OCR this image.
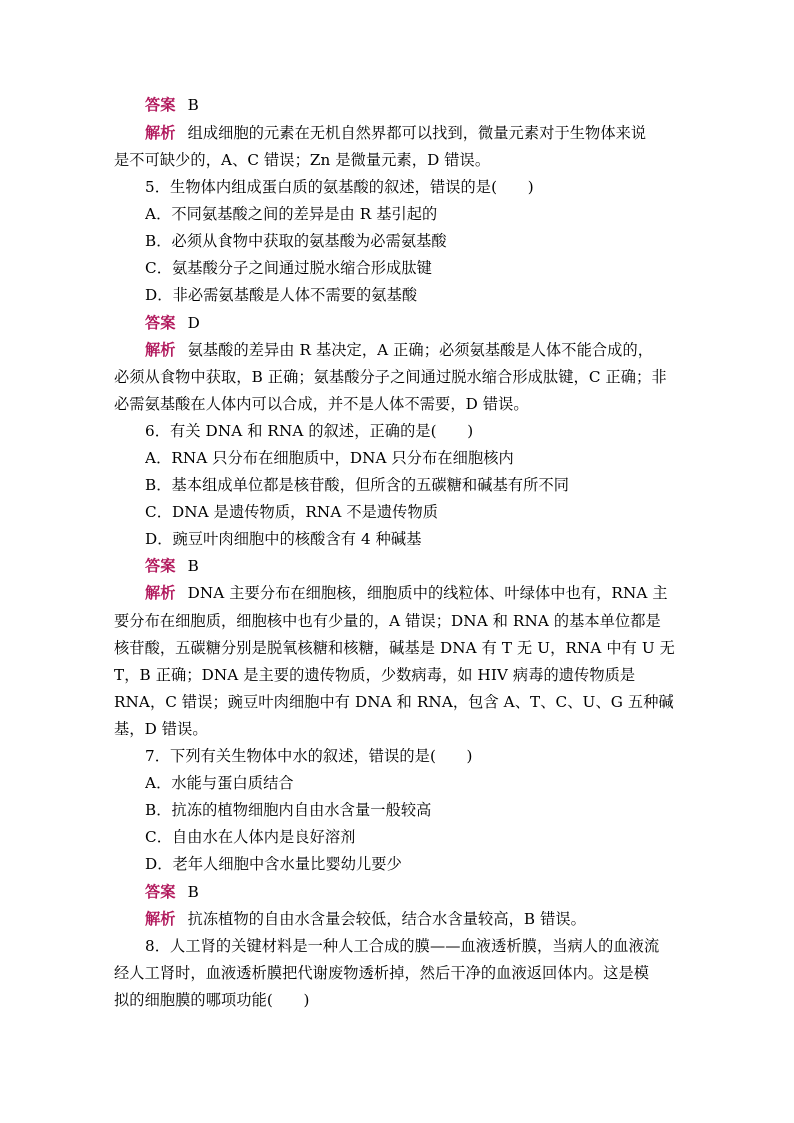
答案 B
解析 组成细胞的元素在无机自然界都可以找到，微量元素对于生物体来说
是不可缺少的，A、C 错误；Zn 是微量元素，D 错误。
5．生物体内组成蛋白质的氨基酸的叙述，错误的是(　　)
A．不同氨基酸之间的差异是由 R 基引起的
B．必须从食物中获取的氨基酸为必需氨基酸
C．氨基酸分子之间通过脱水缩合形成肽键
D．非必需氨基酸是人体不需要的氨基酸
答案 D
解析 氨基酸的差异由 R 基决定，A 正确；必须氨基酸是人体不能合成的，
必须从食物中获取，B 正确；氨基酸分子之间通过脱水缩合形成肽键，C 正确；非
必需氨基酸在人体内可以合成，并不是人体不需要，D 错误。
6．有关 DNA 和 RNA 的叙述，正确的是(　　)
A．RNA 只分布在细胞质中，DNA 只分布在细胞核内
B．基本组成单位都是核苷酸，但所含的五碳糖和碱基有所不同
C．DNA 是遗传物质，RNA 不是遗传物质
D．豌豆叶肉细胞中的核酸含有 4 种碱基
答案 B
解析 DNA 主要分布在细胞核，细胞质中的线粒体、叶绿体中也有，RNA 主
要分布在细胞质，细胞核中也有少量的，A 错误；DNA 和 RNA 的基本单位都是
核苷酸，五碳糖分别是脱氧核糖和核糖，碱基是 DNA 有 T 无 U，RNA 中有 U 无
T，B 正确；DNA 是主要的遗传物质，少数病毒，如 HIV 病毒的遗传物质是
RNA，C 错误；豌豆叶肉细胞中有 DNA 和 RNA，包含 A、T、C、U、G 五种碱
基，D 错误。
7．下列有关生物体中水的叙述，错误的是(　　)
A．水能与蛋白质结合
B．抗冻的植物细胞内自由水含量一般较高
C．自由水在人体内是良好溶剂
D．老年人细胞中含水量比婴幼儿要少
答案 B
解析 抗冻植物的自由水含量会较低，结合水含量较高，B 错误。
8．人工肾的关键材料是一种人工合成的膜——血液透析膜，当病人的血液流
经人工肾时，血液透析膜把代谢废物透析掉，然后干净的血液返回体内。这是模
拟的细胞膜的哪项功能(　　)
